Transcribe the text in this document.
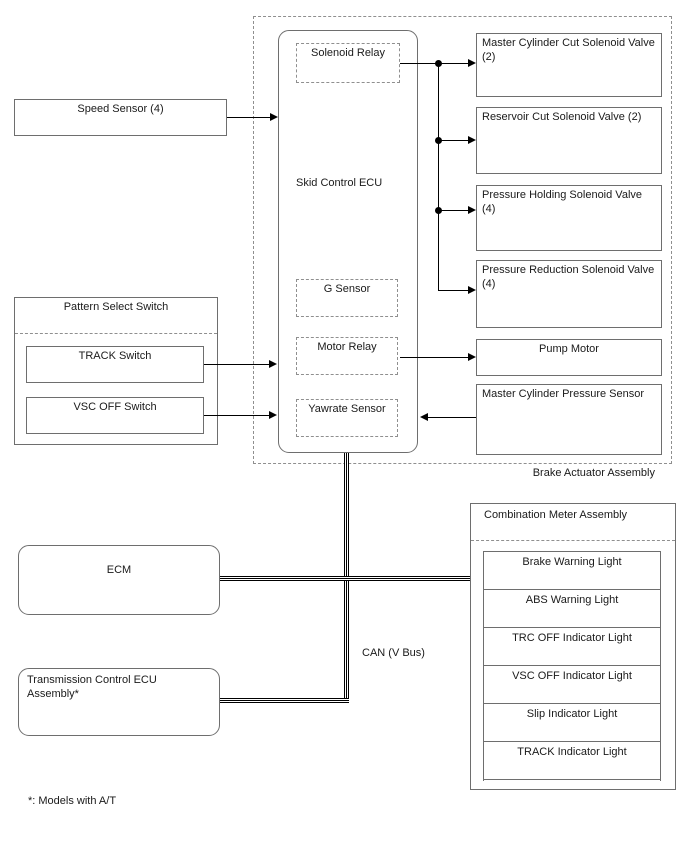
Brake Actuator Assembly
Skid Control ECU
Solenoid Relay
G Sensor
Motor Relay
Yawrate Sensor
Speed Sensor (4)
Pattern Select Switch
TRACK Switch
VSC OFF Switch
Master Cylinder Cut Solenoid Valve (2)
Reservoir Cut Solenoid Valve (2)
Pressure Holding Solenoid Valve (4)
Pressure Reduction Solenoid Valve (4)
Pump Motor
Master Cylinder Pressure Sensor
ECM
Transmission Control ECU Assembly*
Combination Meter Assembly
Brake Warning Light
ABS Warning Light
TRC OFF Indicator Light
VSC OFF Indicator Light
Slip Indicator Light
TRACK Indicator Light
CAN (V Bus)
*: Models with A/T
